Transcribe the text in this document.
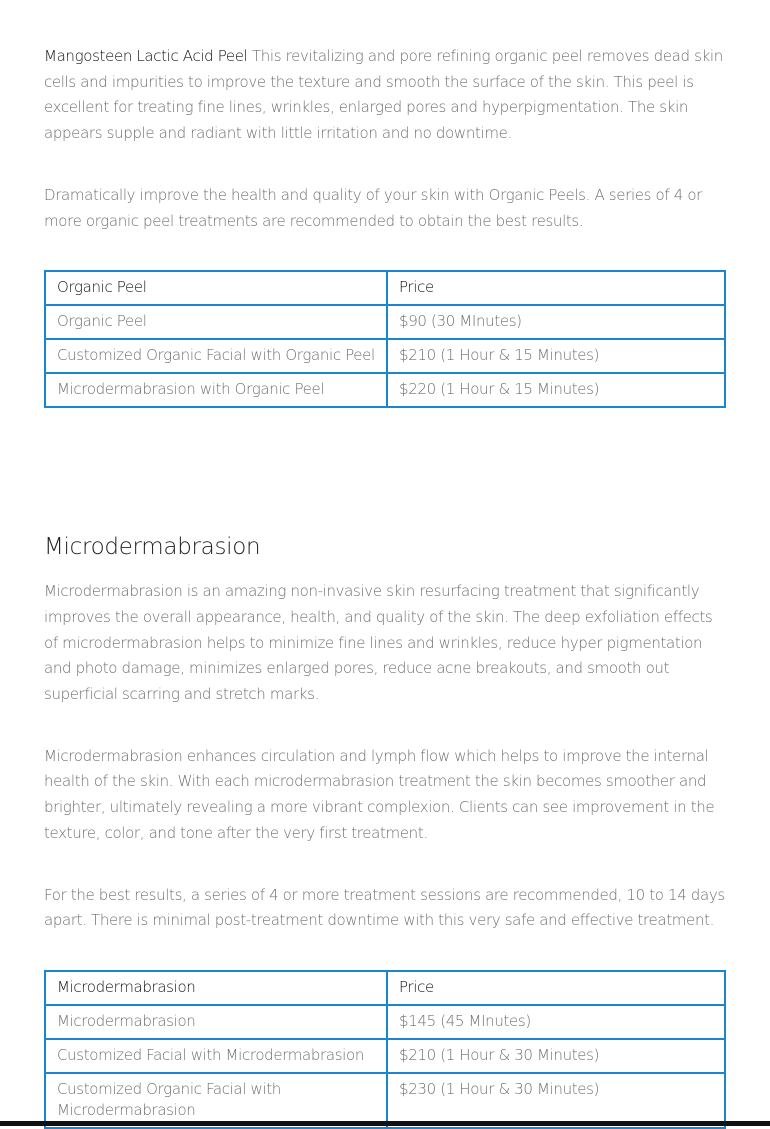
Mangosteen Lactic Acid Peel This revitalizing and pore refining organic peel removes dead skin cells and impurities to improve the texture and smooth the surface of the skin. This peel is excellent for treating fine lines, wrinkles, enlarged pores and hyperpigmentation. The skin appears supple and radiant with little irritation and no downtime.

Dramatically improve the health and quality of your skin with Organic Peels. A series of 4 or more organic peel treatments are recommended to obtain the best results.

Organic Peel	Price
Organic Peel	$90 (30 MInutes)
Customized Organic Facial with Organic Peel	$210 (1 Hour & 15 Minutes)
Microdermabrasion with Organic Peel	$220 (1 Hour & 15 Minutes)
Microdermabrasion

Microdermabrasion is an amazing non-invasive skin resurfacing treatment that significantly improves the overall appearance, health, and quality of the skin. The deep exfoliation effects of microdermabrasion helps to minimize fine lines and wrinkles, reduce hyper pigmentation and photo damage, minimizes enlarged pores, reduce acne breakouts, and smooth out superficial scarring and stretch marks.

Microdermabrasion enhances circulation and lymph flow which helps to improve the internal health of the skin. With each microdermabrasion treatment the skin becomes smoother and brighter, ultimately revealing a more vibrant complexion. Clients can see improvement in the texture, color, and tone after the very first treatment.

For the best results, a series of 4 or more treatment sessions are recommended, 10 to 14 days apart. There is minimal post-treatment downtime with this very safe and effective treatment.

Microdermabrasion	Price
Microdermabrasion	$145 (45 MInutes)
Customized Facial with Microdermabrasion	$210 (1 Hour & 30 Minutes)
Customized Organic Facial with Microdermabrasion	$230 (1 Hour & 30 Minutes)
